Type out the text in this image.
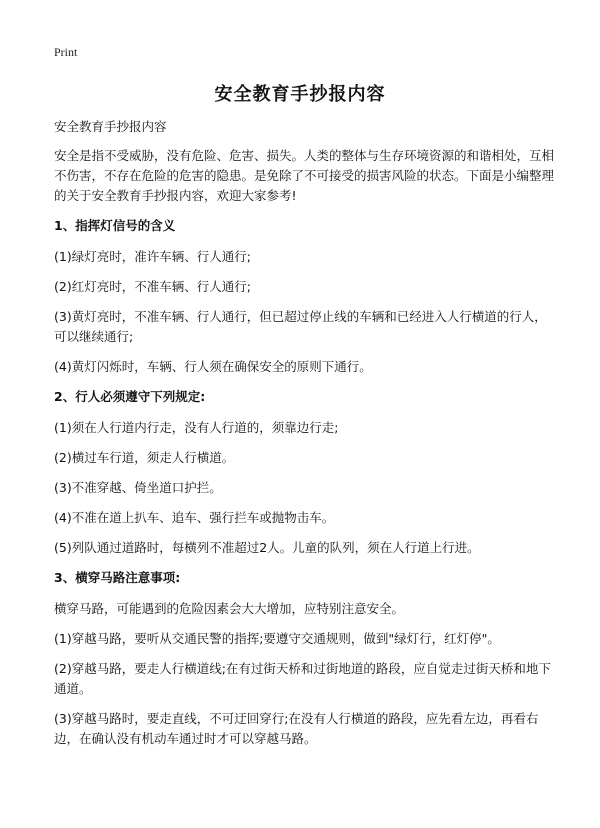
Print
安全教育手抄报内容

安全教育手抄报内容

安全是指不受威胁，没有危险、危害、损失。人类的整体与生存环境资源的和谐相处，互相不伤害，不存在危险的危害的隐患。是免除了不可接受的损害风险的状态。下面是小编整理的关于安全教育手抄报内容，欢迎大家参考!

1、指挥灯信号的含义

(1)绿灯亮时，准许车辆、行人通行;

(2)红灯亮时，不准车辆、行人通行;

(3)黄灯亮时，不准车辆、行人通行，但已超过停止线的车辆和已经进入人行横道的行人，可以继续通行;

(4)黄灯闪烁时，车辆、行人须在确保安全的原则下通行。

2、行人必须遵守下列规定:

(1)须在人行道内行走，没有人行道的，须靠边行走;

(2)横过车行道，须走人行横道。

(3)不准穿越、倚坐道口护拦。

(4)不准在道上扒车、追车、强行拦车或抛物击车。

(5)列队通过道路时，每横列不准超过2人。儿童的队列，须在人行道上行进。

3、横穿马路注意事项:

横穿马路，可能遇到的危险因素会大大增加，应特别注意安全。

(1)穿越马路，要听从交通民警的指挥;要遵守交通规则，做到"绿灯行，红灯停"。

(2)穿越马路，要走人行横道线;在有过街天桥和过街地道的路段，应自觉走过街天桥和地下通道。

(3)穿越马路时，要走直线，不可迂回穿行;在没有人行横道的路段，应先看左边，再看右边，在确认没有机动车通过时才可以穿越马路。
